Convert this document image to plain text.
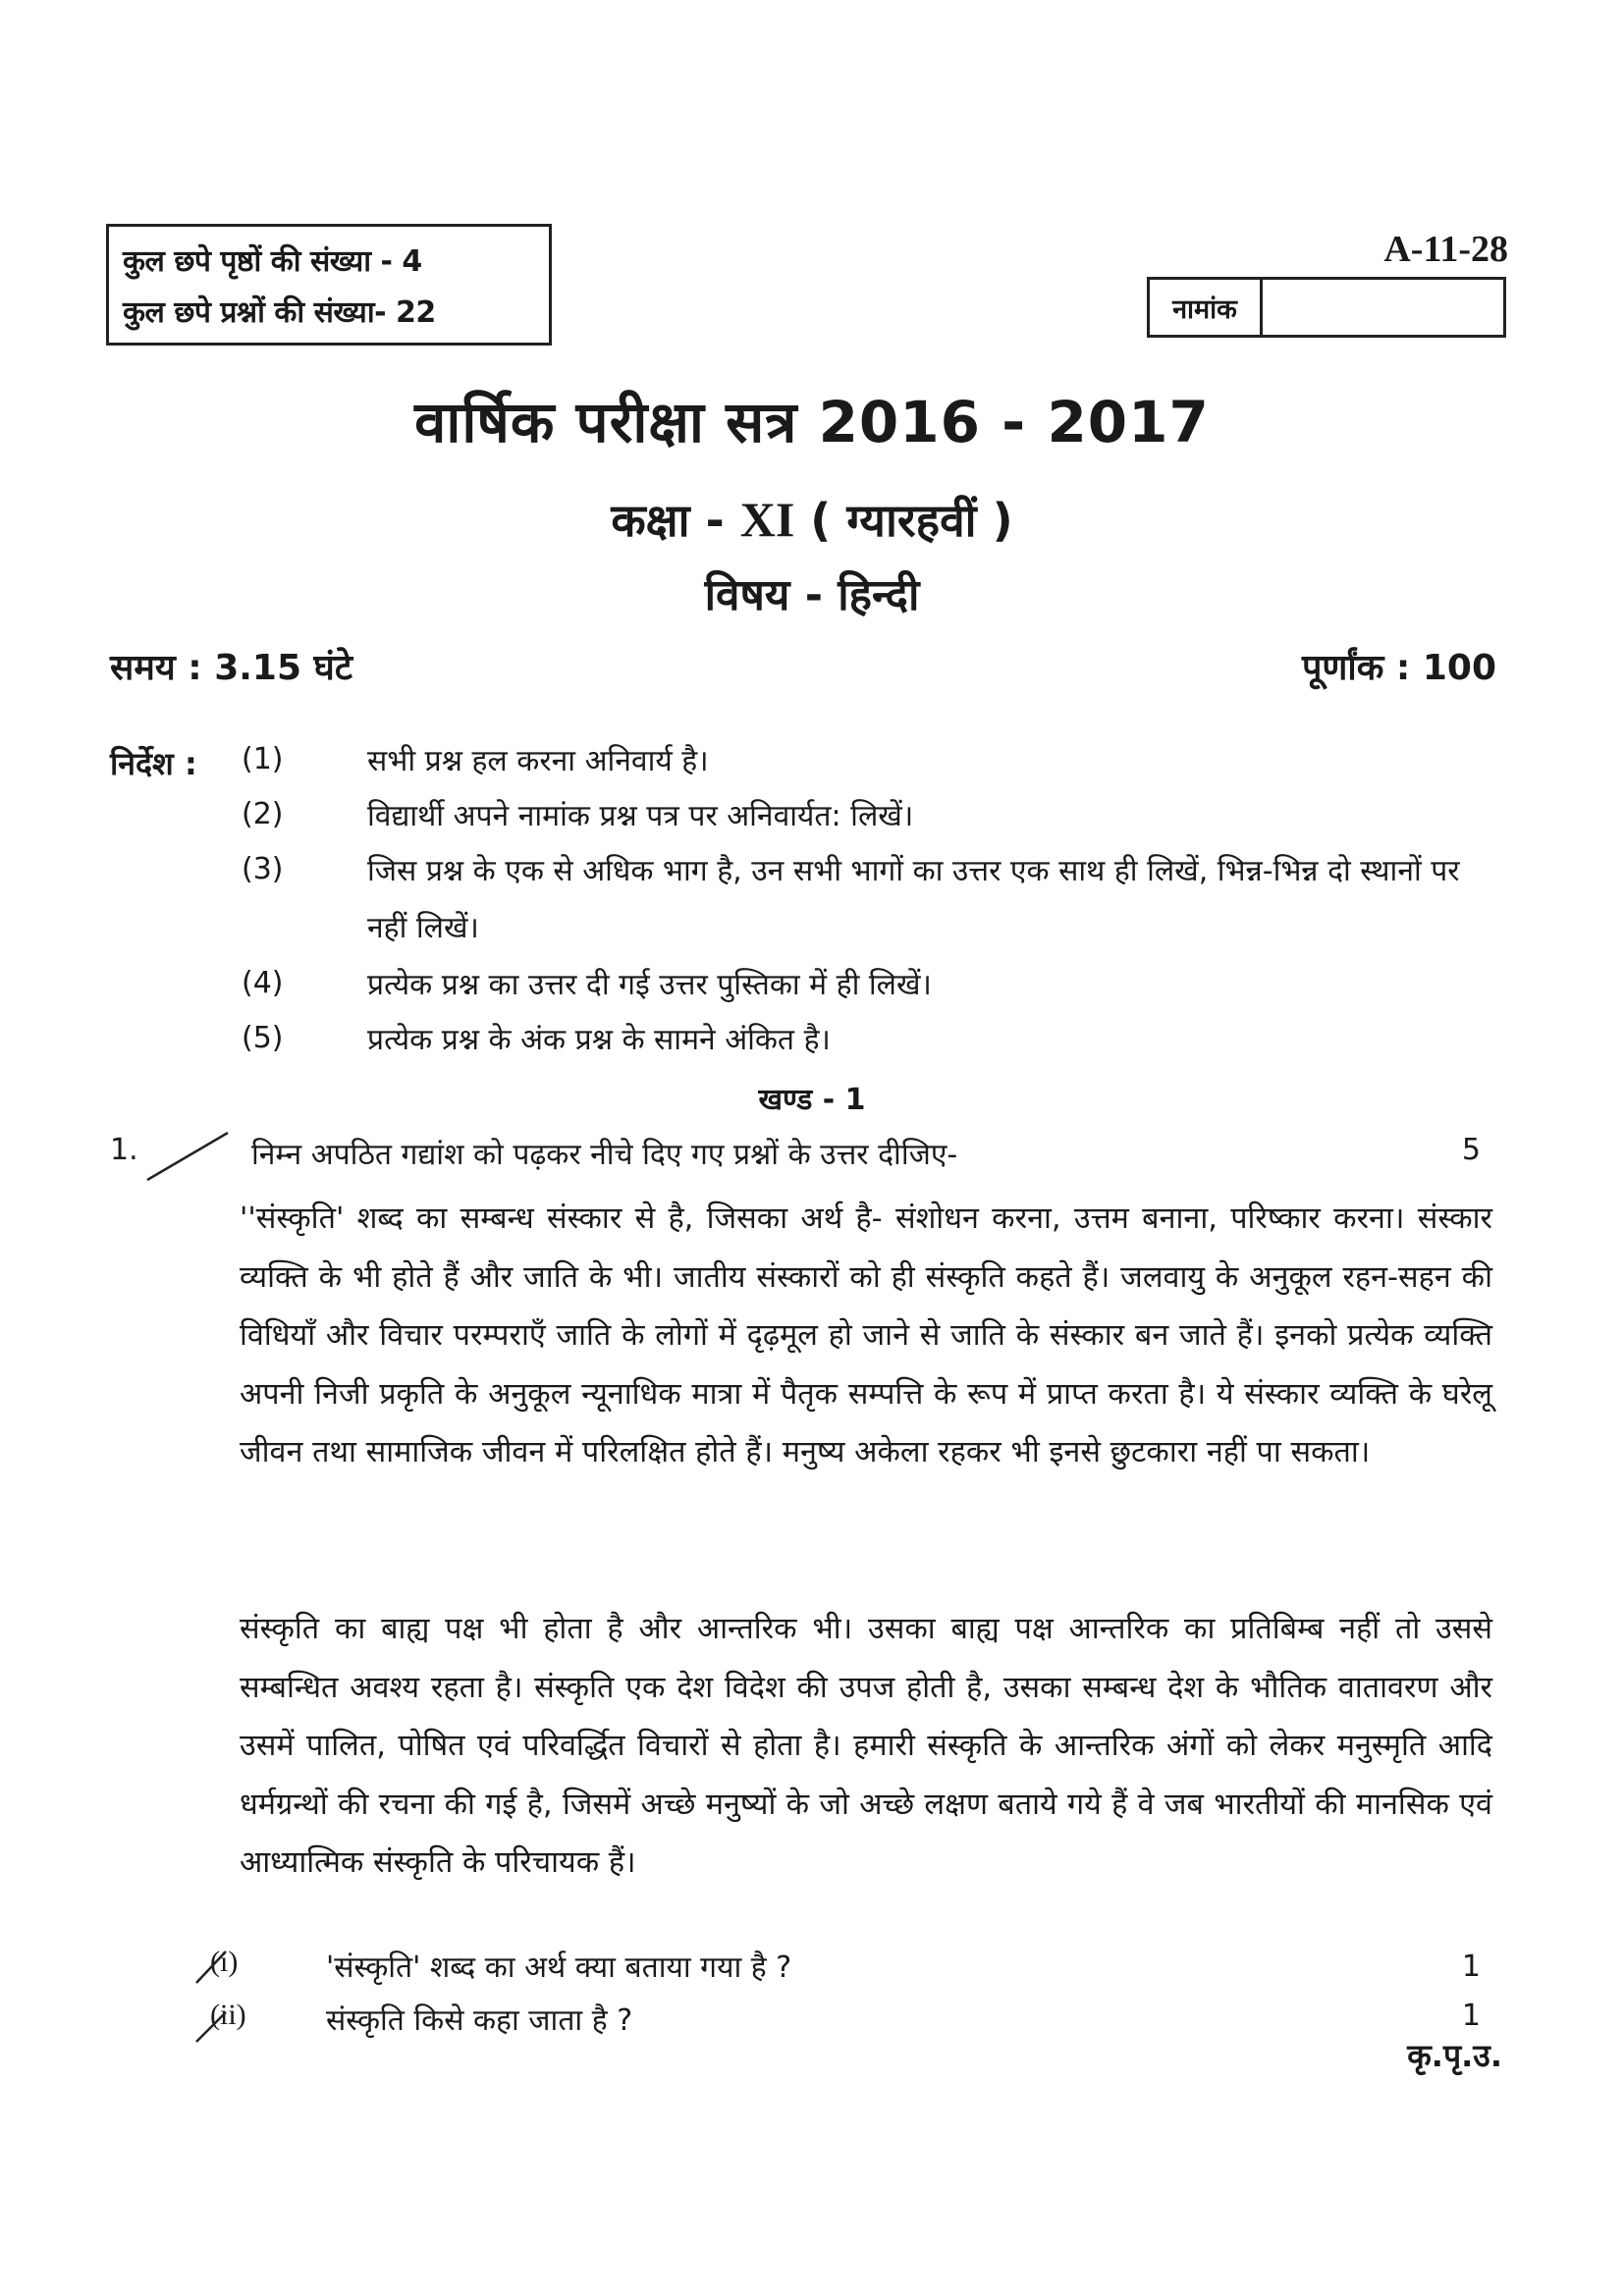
कुल छपे पृष्ठों की संख्या - 4
कुल छपे प्रश्नों की संख्या- 22
A-11-28
नामांक
वार्षिक परीक्षा सत्र 2016 - 2017
कक्षा - XI ( ग्यारहवीं )
विषय - हिन्दी
समय : 3.15 घंटे	पूर्णांक : 100
निर्देश : (1)	सभी प्रश्न हल करना अनिवार्य है।
(2)	विद्यार्थी अपने नामांक प्रश्न पत्र पर अनिवार्यत: लिखें।
(3)	जिस प्रश्न के एक से अधिक भाग है, उन सभी भागों का उत्तर एक साथ ही लिखें, भिन्न-भिन्न दो स्थानों पर नहीं लिखें।
(4)	प्रत्येक प्रश्न का उत्तर दी गई उत्तर पुस्तिका में ही लिखें।
(5)	प्रत्येक प्रश्न के अंक प्रश्न के सामने अंकित है।
खण्ड - 1
1.	निम्न अपठित गद्यांश को पढ़कर नीचे दिए गए प्रश्नों के उत्तर दीजिए-	5
''संस्कृति' शब्द का सम्बन्ध संस्कार से है, जिसका अर्थ है- संशोधन करना, उत्तम बनाना, परिष्कार करना। संस्कार व्यक्ति के भी होते हैं और जाति के भी। जातीय संस्कारों को ही संस्कृति कहते हैं। जलवायु के अनुकूल रहन-सहन की विधियाँ और विचार परम्पराएँ जाति के लोगों में दृढ़मूल हो जाने से जाति के संस्कार बन जाते हैं। इनको प्रत्येक व्यक्ति अपनी निजी प्रकृति के अनुकूल न्यूनाधिक मात्रा में पैतृक सम्पत्ति के रूप में प्राप्त करता है। ये संस्कार व्यक्ति के घरेलू जीवन तथा सामाजिक जीवन में परिलक्षित होते हैं। मनुष्य अकेला रहकर भी इनसे छुटकारा नहीं पा सकता।
संस्कृति का बाह्य पक्ष भी होता है और आन्तरिक भी। उसका बाह्य पक्ष आन्तरिक का प्रतिबिम्ब नहीं तो उससे सम्बन्धित अवश्य रहता है। संस्कृति एक देश विदेश की उपज होती है, उसका सम्बन्ध देश के भौतिक वातावरण और उसमें पालित, पोषित एवं परिवर्द्धित विचारों से होता है। हमारी संस्कृति के आन्तरिक अंगों को लेकर मनुस्मृति आदि धर्मग्रन्थों की रचना की गई है, जिसमें अच्छे मनुष्यों के जो अच्छे लक्षण बताये गये हैं वे जब भारतीयों की मानसिक एवं आध्यात्मिक संस्कृति के परिचायक हैं।
(i)	'संस्कृति' शब्द का अर्थ क्या बताया गया है ?	1
(ii)	संस्कृति किसे कहा जाता है ?	1
कृ.पृ.उ.
